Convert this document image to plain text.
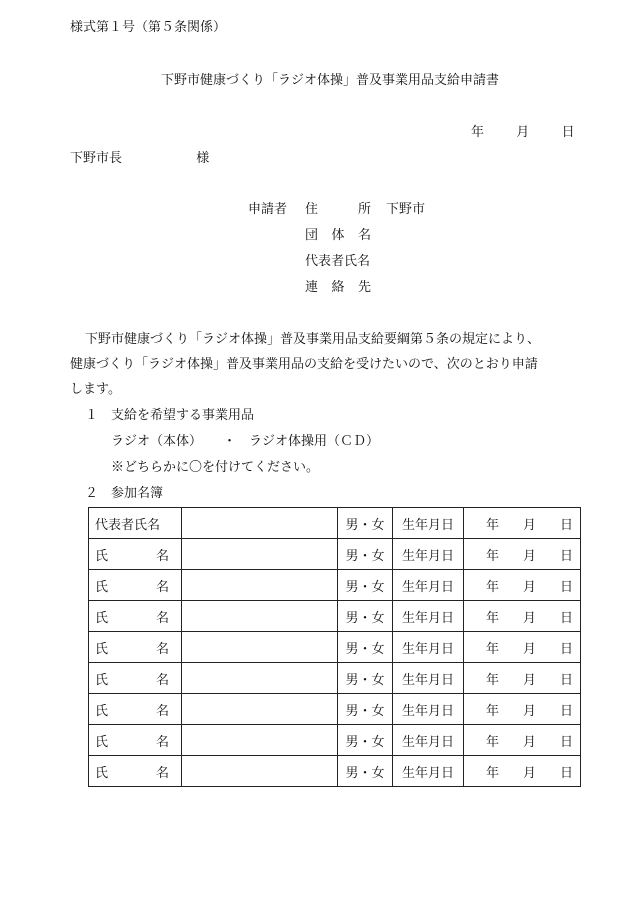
様式第１号（第５条関係）
下野市健康づくり「ラジオ体操」普及事業用品支給申請書
年 月 日
下野市長	様
申請者 住	所 下野市
団 体 名
代表者氏名
連 絡 先
下野市健康づくり「ラジオ体操」普及事業用品支給要綱第５条の規定により、
健康づくり「ラジオ体操」普及事業用品の支給を受けたいので、次のとおり申請
します。
１ 支給を希望する事業用品
ラジオ（本体） ・ ラジオ体操用（ＣＤ）
※どちらかに〇を付けてください。
２ 参加名簿
代表者氏名		男・女	生年月日	年 月 日

氏 名		男・女	生年月日	年 月 日

氏 名		男・女	生年月日	年 月 日

氏 名		男・女	生年月日	年 月 日

氏 名		男・女	生年月日	年 月 日

氏 名		男・女	生年月日	年 月 日

氏 名		男・女	生年月日	年 月 日

氏 名		男・女	生年月日	年 月 日

氏 名		男・女	生年月日	年 月 日
